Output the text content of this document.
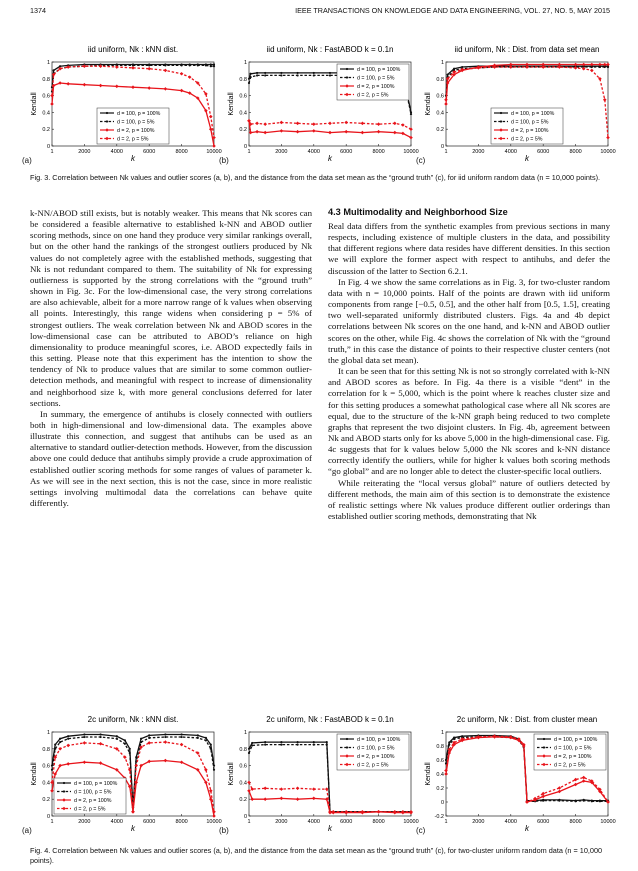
1374	IEEE TRANSACTIONS ON KNOWLEDGE AND DATA ENGINEERING, VOL. 27, NO. 5, MAY 2015
iid uniform, Nk : kNN dist.
0
0.2
0.4
0.6
0.8
1
1	2000	4000	6000	8000	10000
k
Kendall	d = 100, p = 100%
d = 100, p = 5%
d = 2, p = 100%
d = 2, p = 5%
(a)
iid uniform, Nk : FastABOD k = 0.1n
0
0.2
0.4
0.6
0.8
1
1	2000	4000	6000	8000	10000
k
Kendall
d = 100, p = 100%
d = 100, p = 5%
d = 2, p = 100%
d = 2, p = 5%
(b)
iid uniform, Nk : Dist. from data set mean
0
0.2
0.4
0.6
0.8
1
1	2000	4000	6000	8000	10000
k
Kendall	d = 100, p = 100%
d = 100, p = 5%
d = 2, p = 100%
d = 2, p = 5%
(c)
Fig. 3. Correlation between Nk values and outlier scores (a, b), and the distance from the data set mean as the “ground truth” (c), for iid uniform random data (n = 10,000 points).

k-NN/ABOD still exists, but is notably weaker. This means that Nk scores can be considered a feasible alternative to established k-NN and ABOD outlier scoring methods, since on one hand they produce very similar rankings overall, but on the other hand the rankings of the strongest outliers produced by Nk values do not completely agree with the established methods, suggesting that Nk is not redundant compared to them. The suitability of Nk for expressing outlierness is supported by the strong correlations with the “ground truth” shown in Fig. 3c. For the low-dimensional case, the very strong correlations are also achievable, albeit for a more narrow range of k values when observing all points. Interestingly, this range widens when considering p = 5% of strongest outliers. The weak correlation between Nk and ABOD scores in the low-dimensional case can be attributed to ABOD’s reliance on high dimensionality to produce meaningful scores, i.e. ABOD expectedly fails in this setting. Please note that this experiment has the intention to show the tendency of Nk to produce values that are similar to some common outlier-detection methods, and meaningful with respect to increase of dimensionality and neighborhood size k, with more general conclusions deferred for later sections.

In summary, the emergence of antihubs is closely connected with outliers both in high-dimensional and low-dimensional data. The examples above illustrate this connection, and suggest that antihubs can be used as an alternative to standard outlier-detection methods. However, from the discussion above one could deduce that antihubs simply provide a crude approximation of established outlier scoring methods for some ranges of values of parameter k. As we will see in the next section, this is not the case, since in more realistic settings involving multimodal data the correlations can behave quite differently.

4.3 Multimodality and Neighborhood Size

Real data differs from the synthetic examples from previous sections in many respects, including existence of multiple clusters in the data, and possibility that different regions where data resides have different densities. In this section we will explore the former aspect with respect to antihubs, and defer the discussion of the latter to Section 6.2.1.

In Fig. 4 we show the same correlations as in Fig. 3, for two-cluster random data with n = 10,000 points. Half of the points are drawn with iid uniform components from range [−0.5, 0.5], and the other half from [0.5, 1.5], creating two well-separated uniformly distributed clusters. Figs. 4a and 4b depict correlations between Nk scores on the one hand, and k-NN and ABOD outlier scores on the other, while Fig. 4c shows the correlation of Nk with the “ground truth,” in this case the distance of points to their respective cluster centers (not the global data set mean).

It can be seen that for this setting Nk is not so strongly correlated with k-NN and ABOD scores as before. In Fig. 4a there is a visible “dent” in the correlation for k = 5,000, which is the point where k reaches cluster size and for this setting produces a somewhat pathological case where all Nk scores are equal, due to the structure of the k-NN graph being reduced to two complete graphs that represent the two disjoint clusters. In Fig. 4b, agreement between Nk and ABOD starts only for ks above 5,000 in the high-dimensional case. Fig. 4c suggests that for k values below 5,000 the Nk scores and k-NN distance correctly identify the outliers, while for higher k values both scoring methods “go global” and are no longer able to detect the cluster-specific local outliers.

While reiterating the “local versus global” nature of outliers detected by different methods, the main aim of this section is to demonstrate the existence of realistic settings where Nk values produce different outlier orderings than established outlier scoring methods, demonstrating that Nk

2c uniform, Nk : kNN dist.
0
0.2
0.4
0.6
0.8
1
1	2000	4000	6000	8000	10000
k
Kendall	d = 100, p = 100%
d = 100, p = 5%
d = 2, p = 100%
d = 2, p = 5%
(a)
2c uniform, Nk : FastABOD k = 0.1n
0
0.2
0.4
0.6
0.8
1
1	2000	4000	6000	8000	10000
k
Kendall
d = 100, p = 100%
d = 100, p = 5%
d = 2, p = 100%
d = 2, p = 5%
(b)
2c uniform, Nk : Dist. from cluster mean
-0.2
0
0.2
0.4
0.6
0.8
1
1	2000	4000	6000	8000	10000
k
Kendall
d = 100, p = 100%
d = 100, p = 5%
d = 2, p = 100%
d = 2, p = 5%
(c)
Fig. 4. Correlation between Nk values and outlier scores (a, b), and the distance from the data set mean as the “ground truth” (c), for two-cluster uniform random data (n = 10,000 points).
